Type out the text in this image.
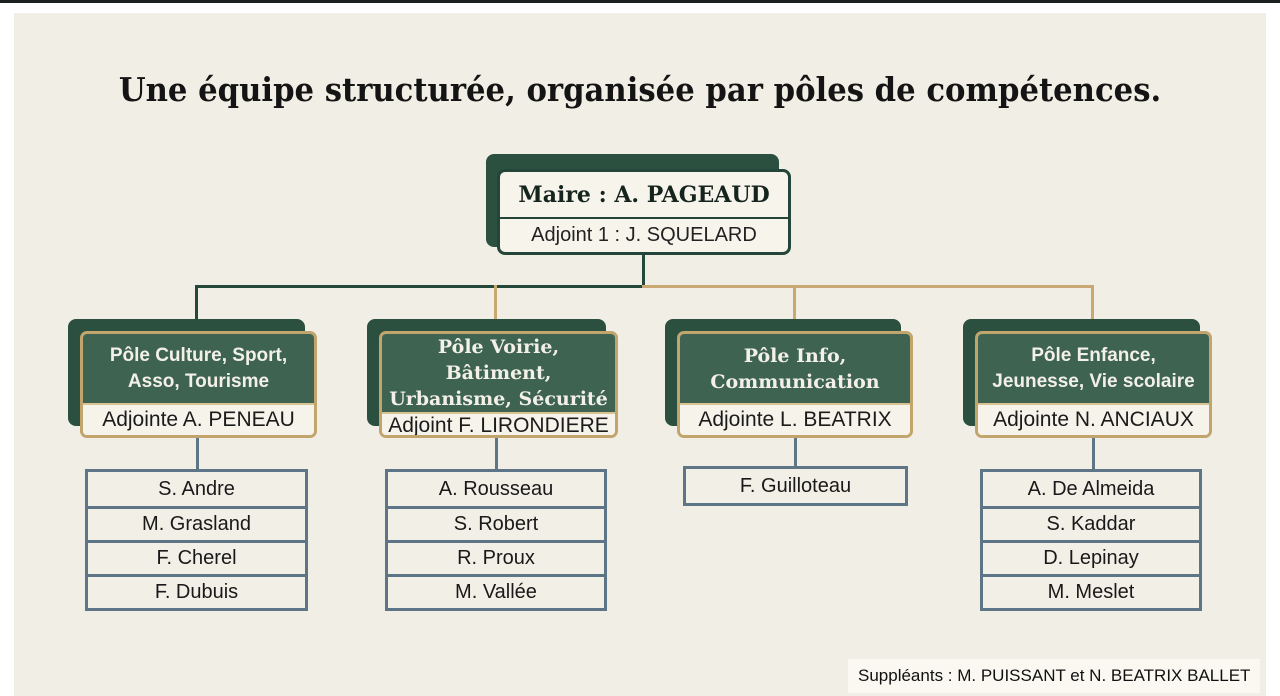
Une équipe structurée, organisée par pôles de compétences.
Maire : A. PAGEAUD
Adjoint 1 : J. SQUELARD
Pôle Culture, Sport,
Asso, Tourisme
Adjointe A. PENEAU
S. Andre
M. Grasland
F. Cherel
F. Dubuis
Pôle Voirie, Bâtiment,
Urbanisme, Sécurité
Adjoint F. LIRONDIERE
A. Rousseau
S. Robert
R. Proux
M. Vallée
Pôle Info,
Communication
Adjointe L. BEATRIX
F. Guilloteau
Pôle Enfance,
Jeunesse, Vie scolaire
Adjointe N. ANCIAUX
A. De Almeida
S. Kaddar
D. Lepinay
M. Meslet
Suppléants : M. PUISSANT et N. BEATRIX BALLET
